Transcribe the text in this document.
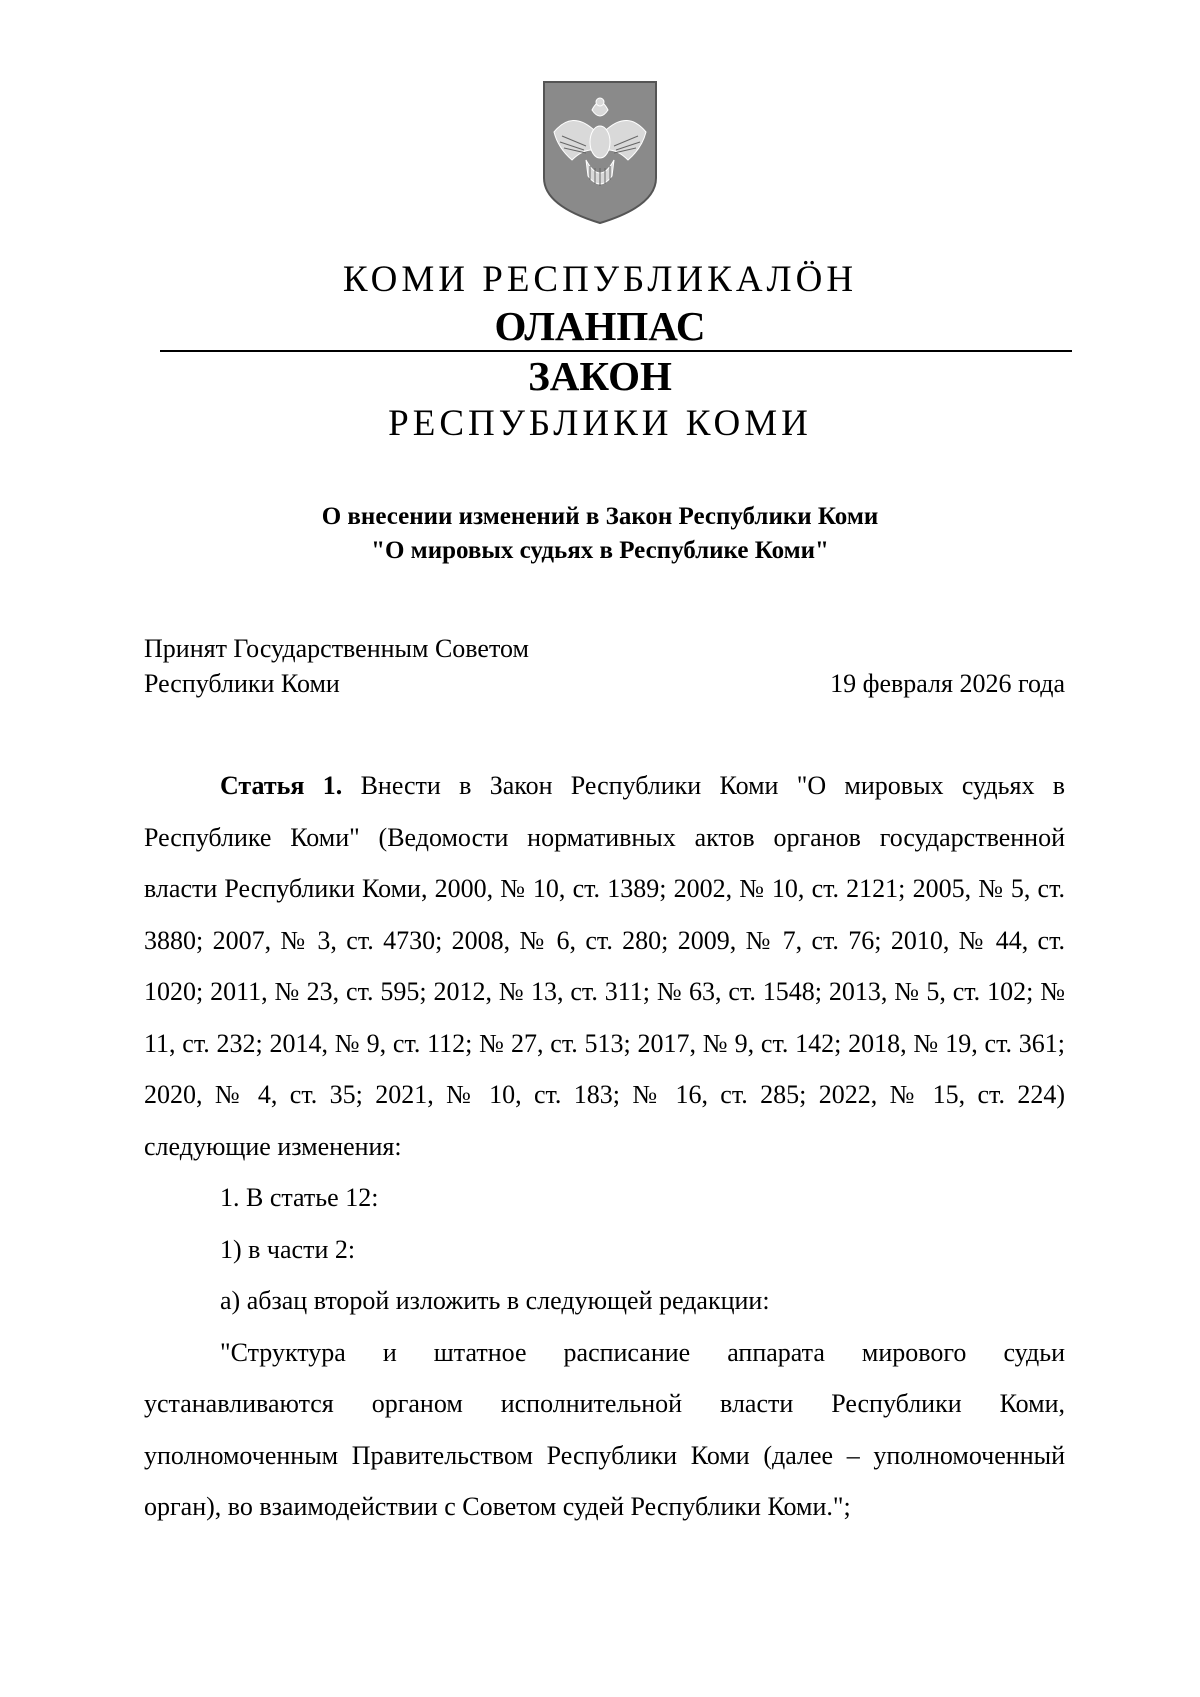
КОМИ РЕСПУБЛИКАЛӦН
ОЛАНПАС
ЗАКОН
РЕСПУБЛИКИ КОМИ
О внесении изменений в Закон Республики Коми
"О мировых судьях в Республике Коми"
Принят Государственным Советом
Республики Коми	19 февраля 2026 года

Статья 1. Внести в Закон Республики Коми "О мировых судьях в Республике Коми" (Ведомости нормативных актов органов государственной власти Республики Коми, 2000, № 10, ст. 1389; 2002, № 10, ст. 2121; 2005, № 5, ст. 3880; 2007, № 3, ст. 4730; 2008, № 6, ст. 280; 2009, № 7, ст. 76; 2010, № 44, ст. 1020; 2011, № 23, ст. 595; 2012, № 13, ст. 311; № 63, ст. 1548; 2013, № 5, ст. 102; № 11, ст. 232; 2014, № 9, ст. 112; № 27, ст. 513; 2017, № 9, ст. 142; 2018, № 19, ст. 361; 2020, № 4, ст. 35; 2021, № 10, ст. 183; № 16, ст. 285; 2022, № 15, ст. 224) следующие изменения:

1. В статье 12:

1) в части 2:

а) абзац второй изложить в следующей редакции:

"Структура и штатное расписание аппарата мирового судьи устанавливаются органом исполнительной власти Республики Коми, уполномоченным Правительством Республики Коми (далее – уполномоченный орган), во взаимодействии с Советом судей Республики Коми.";
